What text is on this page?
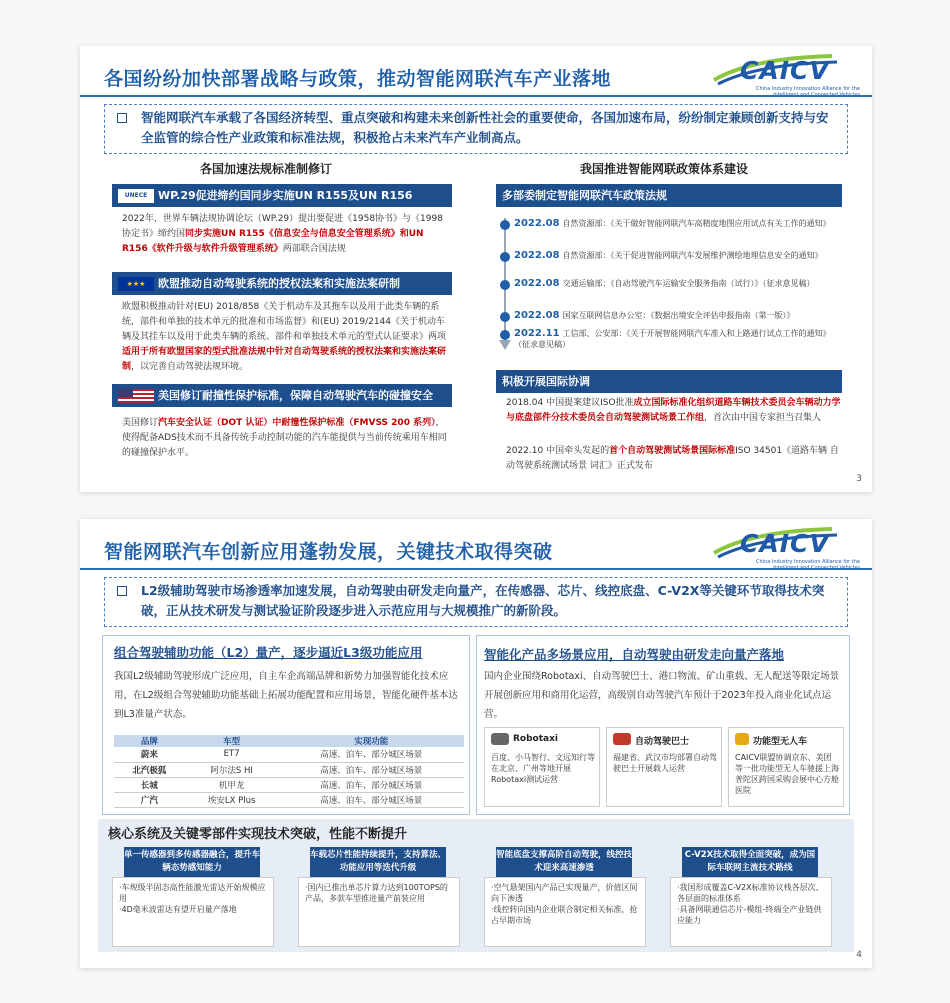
各国纷纷加快部署战略与政策，推动智能网联汽车产业落地	CAICV
China Industry Innovation Alliance for the
智能网联汽车承载了各国经济转型、重点突破和构建未来创新性社会的重要使命，各国加速布局，纷纷制定兼顾创新支持与安全监管的综合性产业政策和标准法规，积极抢占未来汽车产业制高点。
各国加速法规标准制修订	我国推进智能网联政策体系建设
UNECE WP.29促进缔约国同步实施UN R155及UN R156
2022年，世界车辆法规协调论坛（WP.29）提出要促进《1958协书》与《1998协定书》缔约国同步实施UN R155《信息安全与信息安全管理系统》和UN R156《软件升级与软件升级管理系统》两部联合国法规
★★★ 欧盟推动自动驾驶系统的授权法案和实施法案研制
欧盟积极推动针对(EU) 2018/858《关于机动车及其拖车以及用于此类车辆的系统，部件和单独的技术单元的批准和市场监督》和(EU) 2019/2144《关于机动车辆及其挂车以及用于此类车辆的系统、部件和单独技术单元的型式认证要求》两项适用于所有欧盟国家的型式批准法规中针对自动驾驶系统的授权法案和实施法案研制，以完善自动驾驶法规环境。
美国修订耐撞性保护标准，保障自动驾驶汽车的碰撞安全
美国修订汽车安全认证（DOT 认证）中耐撞性保护标准（FMVSS 200 系列），使得配备ADS技术而不具备传统手动控制功能的汽车能提供与当前传统乘用车相同的碰撞保护水平。
多部委制定智能网联汽车政策法规
2022.08 自然资源部：《关于做好智能网联汽车高精度地图应用试点有关工作的通知》
2022.08 自然资源部：《关于促进智能网联汽车发展维护测绘地理信息安全的通知》
2022.08 交通运输部：《自动驾驶汽车运输安全服务指南（试行）》（征求意见稿）
2022.08 国家互联网信息办公室：《数据出境安全评估申报指南（第一版）》
2022.11 工信部、公安部：《关于开展智能网联汽车准入和上路通行试点工作的通知》（征求意见稿）
积极开展国际协调
2018.04 中国提案建议ISO批准成立国际标准化组织道路车辆技术委员会车辆动力学与底盘部件分技术委员会自动驾驶测试场景工作组，首次由中国专家担当召集人
2022.10 中国牵头发起的首个自动驾驶测试场景国际标准ISO 34501《道路车辆 自动驾驶系统测试场景 词汇》正式发布
3
智能网联汽车创新应用蓬勃发展，关键技术取得突破	CAICV
China Industry Innovation Alliance for the
L2级辅助驾驶市场渗透率加速发展，自动驾驶由研发走向量产，在传感器、芯片、线控底盘、C-V2X等关键环节取得技术突破，正从技术研发与测试验证阶段逐步进入示范应用与大规模推广的新阶段。
组合驾驶辅助功能（L2）量产，逐步逼近L3级功能应用
我国L2级辅助驾驶形成广泛应用，自主车企高端品牌和新势力加强智能化技术应用，在L2级组合驾驶辅助功能基础上拓展功能配置和应用场景，智能化硬件基本达到L3准量产状态。
品牌	车型	实现功能
蔚来	ET7	高速、泊车、部分城区场景
北汽极狐	阿尔法S HI	高速、泊车、部分城区场景
长城	机甲龙	高速、泊车、部分城区场景
广汽	埃安LX Plus	高速、泊车、部分城区场景
智能化产品多场景应用，自动驾驶由研发走向量产落地
国内企业围绕Robotaxi、自动驾驶巴士、港口物流、矿山重载、无人配送等限定场景开展创新应用和商用化运营，高级别自动驾驶汽车预计于2023年投入商业化试点运营。
Robotaxi
百度、小马智行、文远知行等在北京、广州等地开展Robotaxi测试运营
自动驾驶巴士
福建省、武汉市均部署自动驾驶巴士开展载人运营
功能型无人车
CAICV联盟协调京东、美团等一批功能型无人车驰援上海普陀区跨国采购会展中心方舱医院
核心系统及关键零部件实现技术突破，性能不断提升
单一传感器到多传感器融合，提升车辆态势感知能力
·车规级半固态高性能激光雷达开始规模应用
·4D毫米波雷达有望开启量产落地
车载芯片性能持续提升，支持算法、功能应用等迭代升级
·国内已推出单芯片算力达到100TOPS的产品，多款车型推进量产前装应用
智能底盘支撑高阶自动驾驶，线控技术迎来高速渗透
·空气悬架国内产品已实现量产，价值区间向下渗透
·线控转向国内企业联合制定相关标准，抢占早期市场
C-V2X技术取得全面突破，成为国际车联网主流技术路线
·我国形成覆盖C-V2X标准协议栈各层次、各层面的标准体系
·具备网联通信芯片-模组-终端全产业链供应能力
4
